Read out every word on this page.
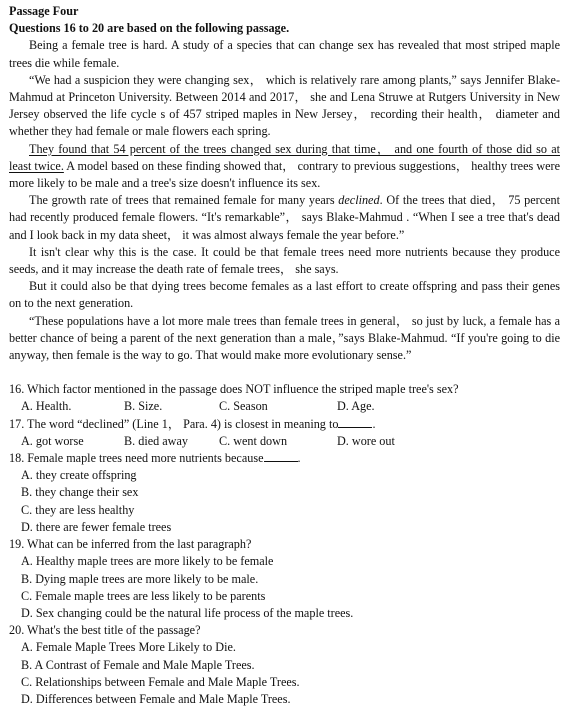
Passage Four
Questions 16 to 20 are based on the following passage.

Being a female tree is hard. A study of a species that can change sex has revealed that most striped maple trees die while female.

“We had a suspicion they were changing sex， which is relatively rare among plants,” says Jennifer Blake-Mahmud at Princeton University. Between 2014 and 2017， she and Lena Struwe at Rutgers University in New Jersey observed the life cycle s of 457 striped maples in New Jersey， recording their health， diameter and whether they had female or male flowers each spring.

They found that 54 percent of the trees changed sex during that time， and one fourth of those did so at least twice. A model based on these finding showed that， contrary to previous suggestions， healthy trees were more likely to be male and a tree's size doesn't influence its sex.

The growth rate of trees that remained female for many years declined. Of the trees that died， 75 percent had recently produced female flowers. “It's remarkable”， says Blake-Mahmud . “When I see a tree that's dead and I look back in my data sheet， it was almost always female the year before.”

It isn't clear why this is the case. It could be that female trees need more nutrients because they produce seeds, and it may increase the death rate of female trees， she says.

But it could also be that dying trees become females as a last effort to create offspring and pass their genes on to the next generation.

“These populations have a lot more male trees than female trees in general， so just by luck, a female has a better chance of being a parent of the next generation than a male，”says Blake-Mahmud. “If you're going to die anyway, then female is the way to go. That would make more evolutionary sense.”

16. Which factor mentioned in the passage does NOT influence the striped maple tree's sex?
A. Health.	B. Size.	C. Season	D. Age.
17. The word “declined” (Line 1， Para. 4) is closest in meaning to	.
A. got worse	B. died away	C. went down	D. wore out
18. Female maple trees need more nutrients because	.
A. they create offspring
B. they change their sex
C. they are less healthy
D. there are fewer female trees
19. What can be inferred from the last paragraph?
A. Healthy maple trees are more likely to be female
B. Dying maple trees are more likely to be male.
C. Female maple trees are less likely to be parents
D. Sex changing could be the natural life process of the maple trees.
20. What's the best title of the passage?
A. Female Maple Trees More Likely to Die.
B. A Contrast of Female and Male Maple Trees.
C. Relationships between Female and Male Maple Trees.
D. Differences between Female and Male Maple Trees.
